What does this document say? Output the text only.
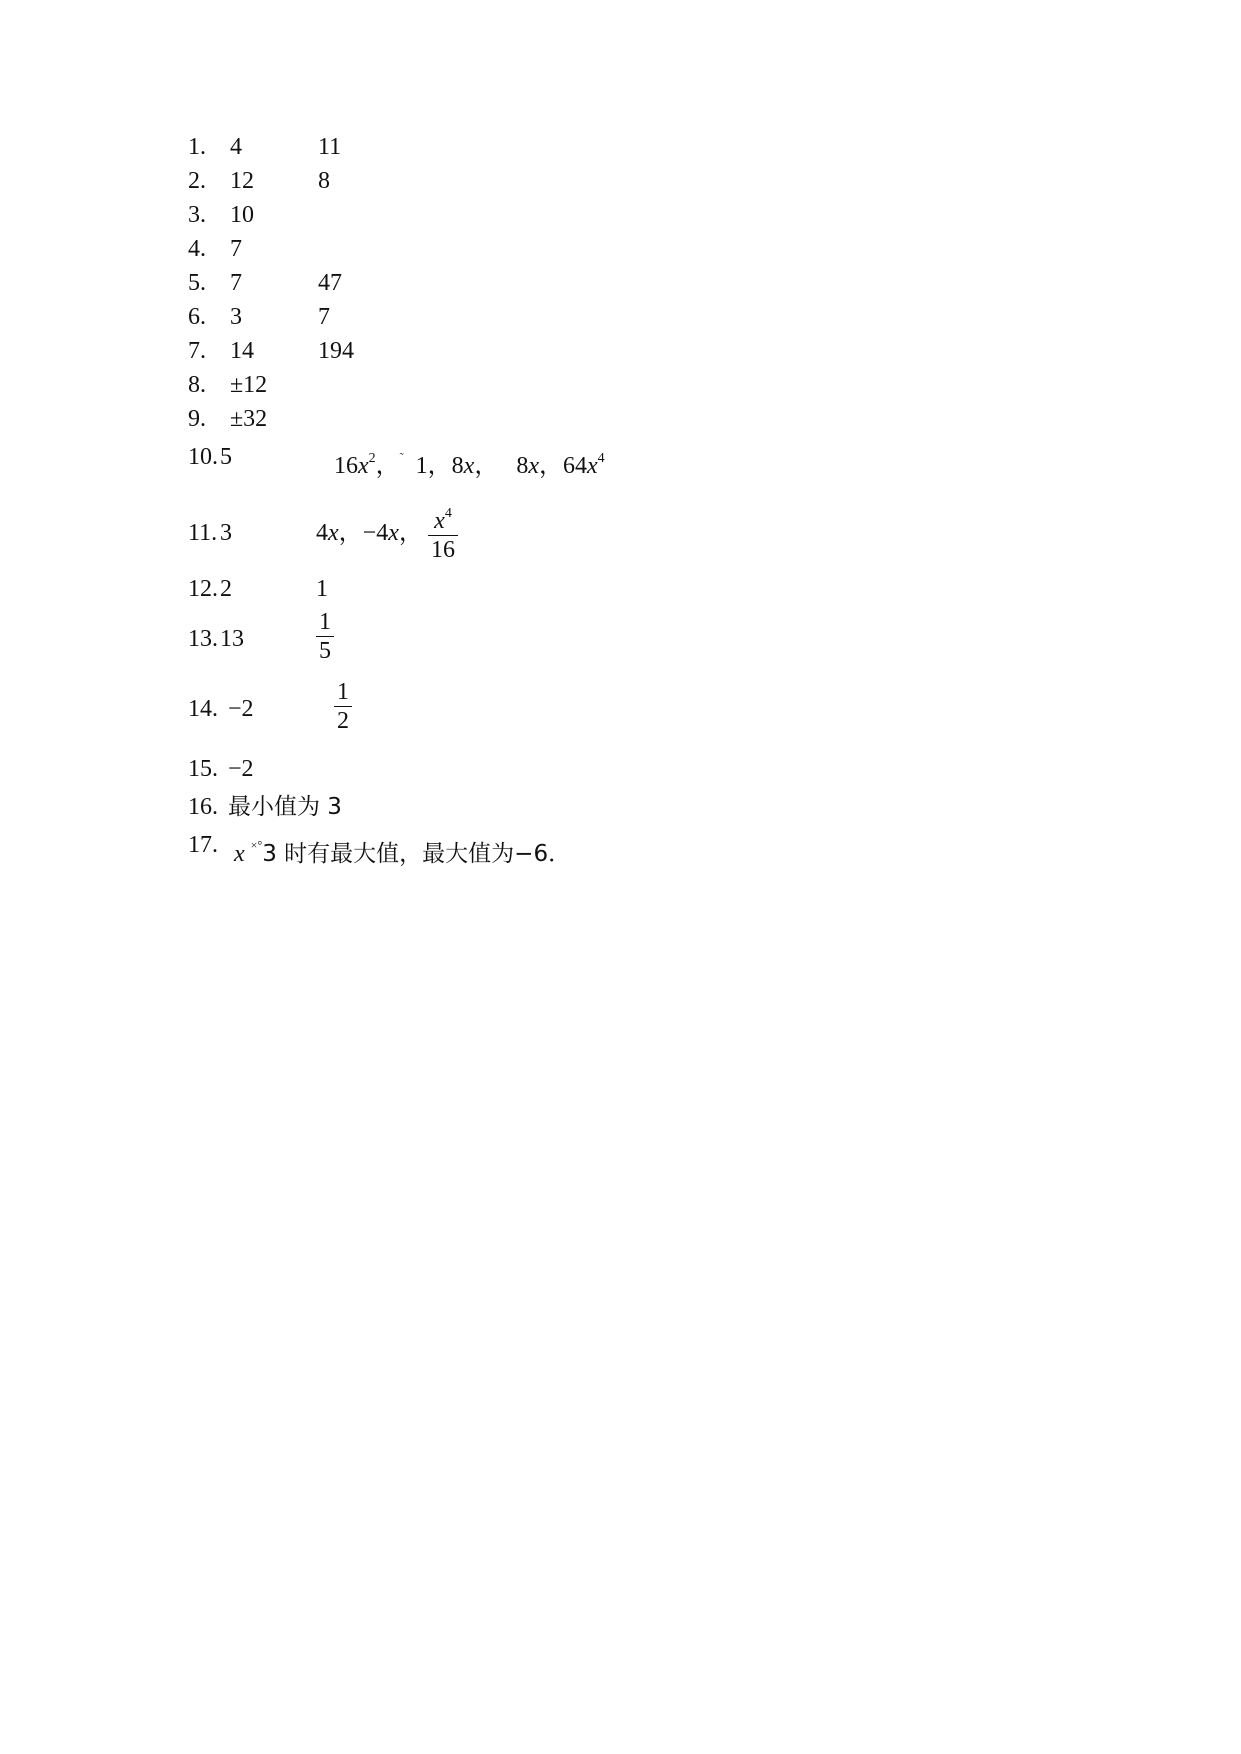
1. 4	11
2. 12	8
3. 10
4. 7
5. 7	47
6. 3	7
7. 14	194
8. ±12
9. ±32
10. 5	$16x^2$，˜ 1，8x， 8x，$64x^4$
11. 3	4x，−4x， $\frac{x^4}{16}$
12. 2	1
13. 13	$\frac{1}{5}$
14. −2	$\frac{1}{2}$
15. −2
16. 最小值为 3
17. x ×°3 时有最大值，最大值为−6．
